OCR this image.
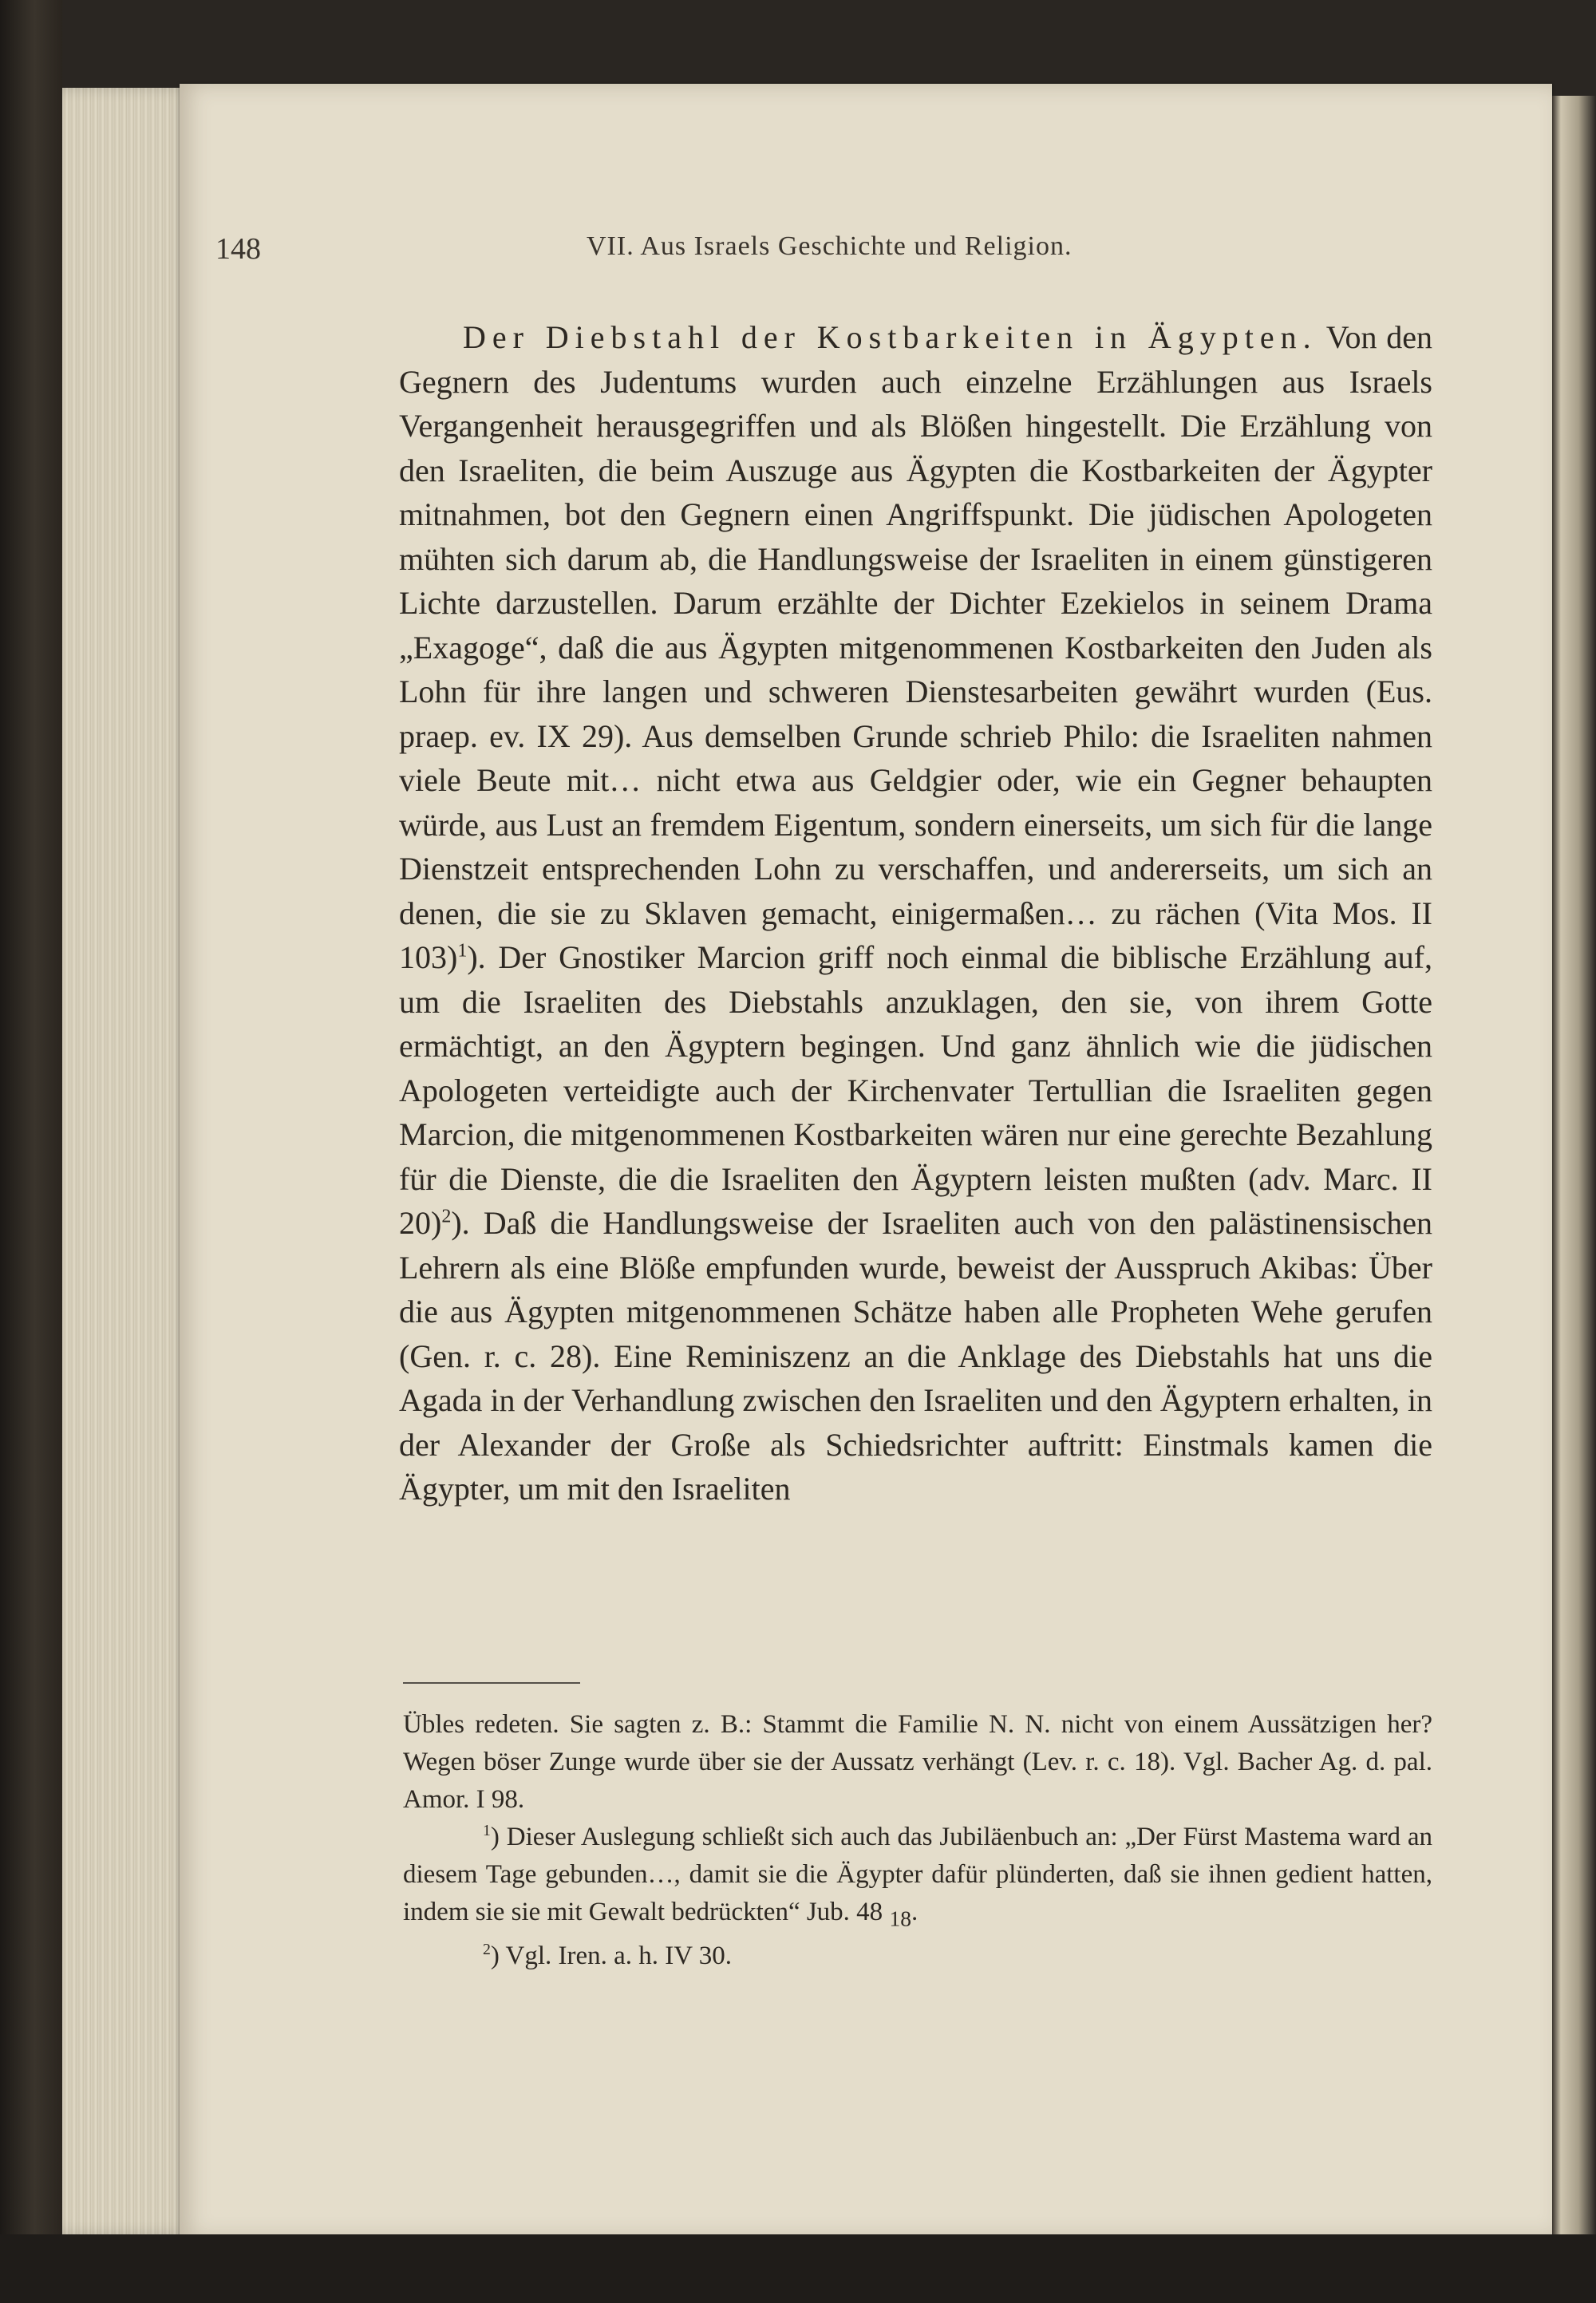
148	VII. Aus Israels Geschichte und Religion.

Der Diebstahl der Kostbarkeiten in Ägypten. Von den Gegnern des Judentums wurden auch einzelne Erzählungen aus Israels Vergangenheit herausgegriffen und als Blößen hingestellt. Die Erzählung von den Israeliten, die beim Auszuge aus Ägypten die Kostbarkeiten der Ägypter mitnahmen, bot den Gegnern einen Angriffspunkt. Die jüdischen Apologeten mühten sich darum ab, die Handlungsweise der Israeliten in einem günstigeren Lichte darzustellen. Darum erzählte der Dichter Ezekielos in seinem Drama „Exagoge“, daß die aus Ägypten mitgenommenen Kostbarkeiten den Juden als Lohn für ihre langen und schweren Dienstesarbeiten gewährt wurden (Eus. praep. ev. IX 29). Aus demselben Grunde schrieb Philo: die Israeliten nahmen viele Beute mit… nicht etwa aus Geldgier oder, wie ein Gegner behaupten würde, aus Lust an fremdem Eigentum, sondern einerseits, um sich für die lange Dienstzeit entsprechenden Lohn zu verschaffen, und andererseits, um sich an denen, die sie zu Sklaven gemacht, einigermaßen… zu rächen (Vita Mos. II 103)$^1$). Der Gnostiker Marcion griff noch einmal die biblische Erzählung auf, um die Israeliten des Diebstahls anzuklagen, den sie, von ihrem Gotte ermächtigt, an den Ägyptern begingen. Und ganz ähnlich wie die jüdischen Apologeten verteidigte auch der Kirchenvater Tertullian die Israeliten gegen Marcion, die mitgenommenen Kostbarkeiten wären nur eine gerechte Bezahlung für die Dienste, die die Israeliten den Ägyptern leisten mußten (adv. Marc. II 20)$^2$). Daß die Handlungsweise der Israeliten auch von den palästinensischen Lehrern als eine Blöße empfunden wurde, beweist der Ausspruch Akibas: Über die aus Ägypten mitgenommenen Schätze haben alle Propheten Wehe gerufen (Gen. r. c. 28). Eine Reminiszenz an die Anklage des Diebstahls hat uns die Agada in der Verhandlung zwischen den Israeliten und den Ägyptern erhalten, in der Alexander der Große als Schiedsrichter auftritt: Einstmals kamen die Ägypter, um mit den Israeliten

Übles redeten. Sie sagten z. B.: Stammt die Familie N. N. nicht von einem Aussätzigen her? Wegen böser Zunge wurde über sie der Aussatz verhängt (Lev. r. c. 18). Vgl. Bacher Ag. d. pal. Amor. I 98.

$^1$) Dieser Auslegung schließt sich auch das Jubiläenbuch an: „Der Fürst Mastema ward an diesem Tage gebunden…, damit sie die Ägypter dafür plünderten, daß sie ihnen gedient hatten, indem sie sie mit Gewalt bedrückten“ Jub. 48 $_{18}$.

$^2$) Vgl. Iren. a. h. IV 30.
